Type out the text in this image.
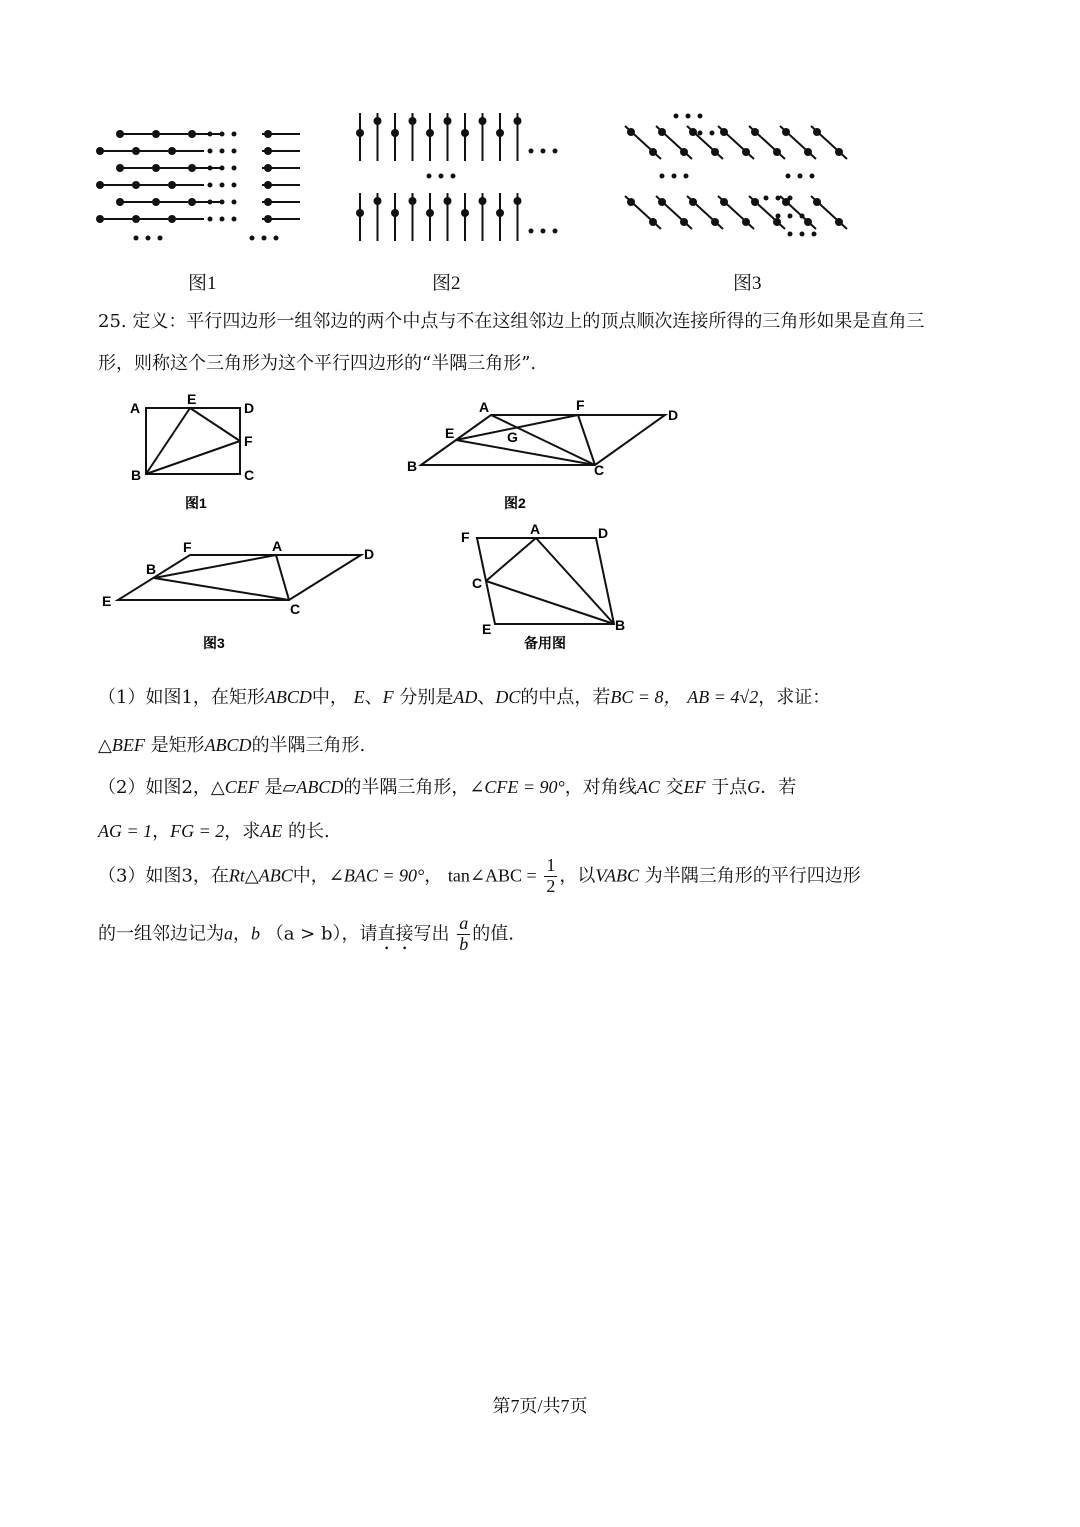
图1	图2	图3
25. 定义：平行四边形一组邻边的两个中点与不在这组邻边上的顶点顺次连接所得的三角形如果是直角三
形，则称这个三角形为这个平行四边形的“半隅三角形”.
A
E
D
F
B	C
图1
A	F
D
E	G
B	C
图2
F	A	D
B
E	C
图3
F	A	D
C
E	B
备用图
（1）如图1，在矩形ABCD中， E、F 分别是AD、DC的中点，若BC = 8， AB = 4√2，求证：
△BEF 是矩形ABCD的半隅三角形.
（2）如图2，△CEF 是▱ABCD的半隅三角形，∠CFE = 90°，对角线AC 交EF 于点G．若
AG = 1，FG = 2，求AE 的长.
（3）如图3，在Rt△ABC中，∠BAC = 90°， tan∠ABC = $\frac{1}{2}$ ，以VABC 为半隅三角形的平行四边形
的一组邻边记为a，b （a > b），请直接写出 $\frac{a}{b}$ 的值.
第7页/共7页
